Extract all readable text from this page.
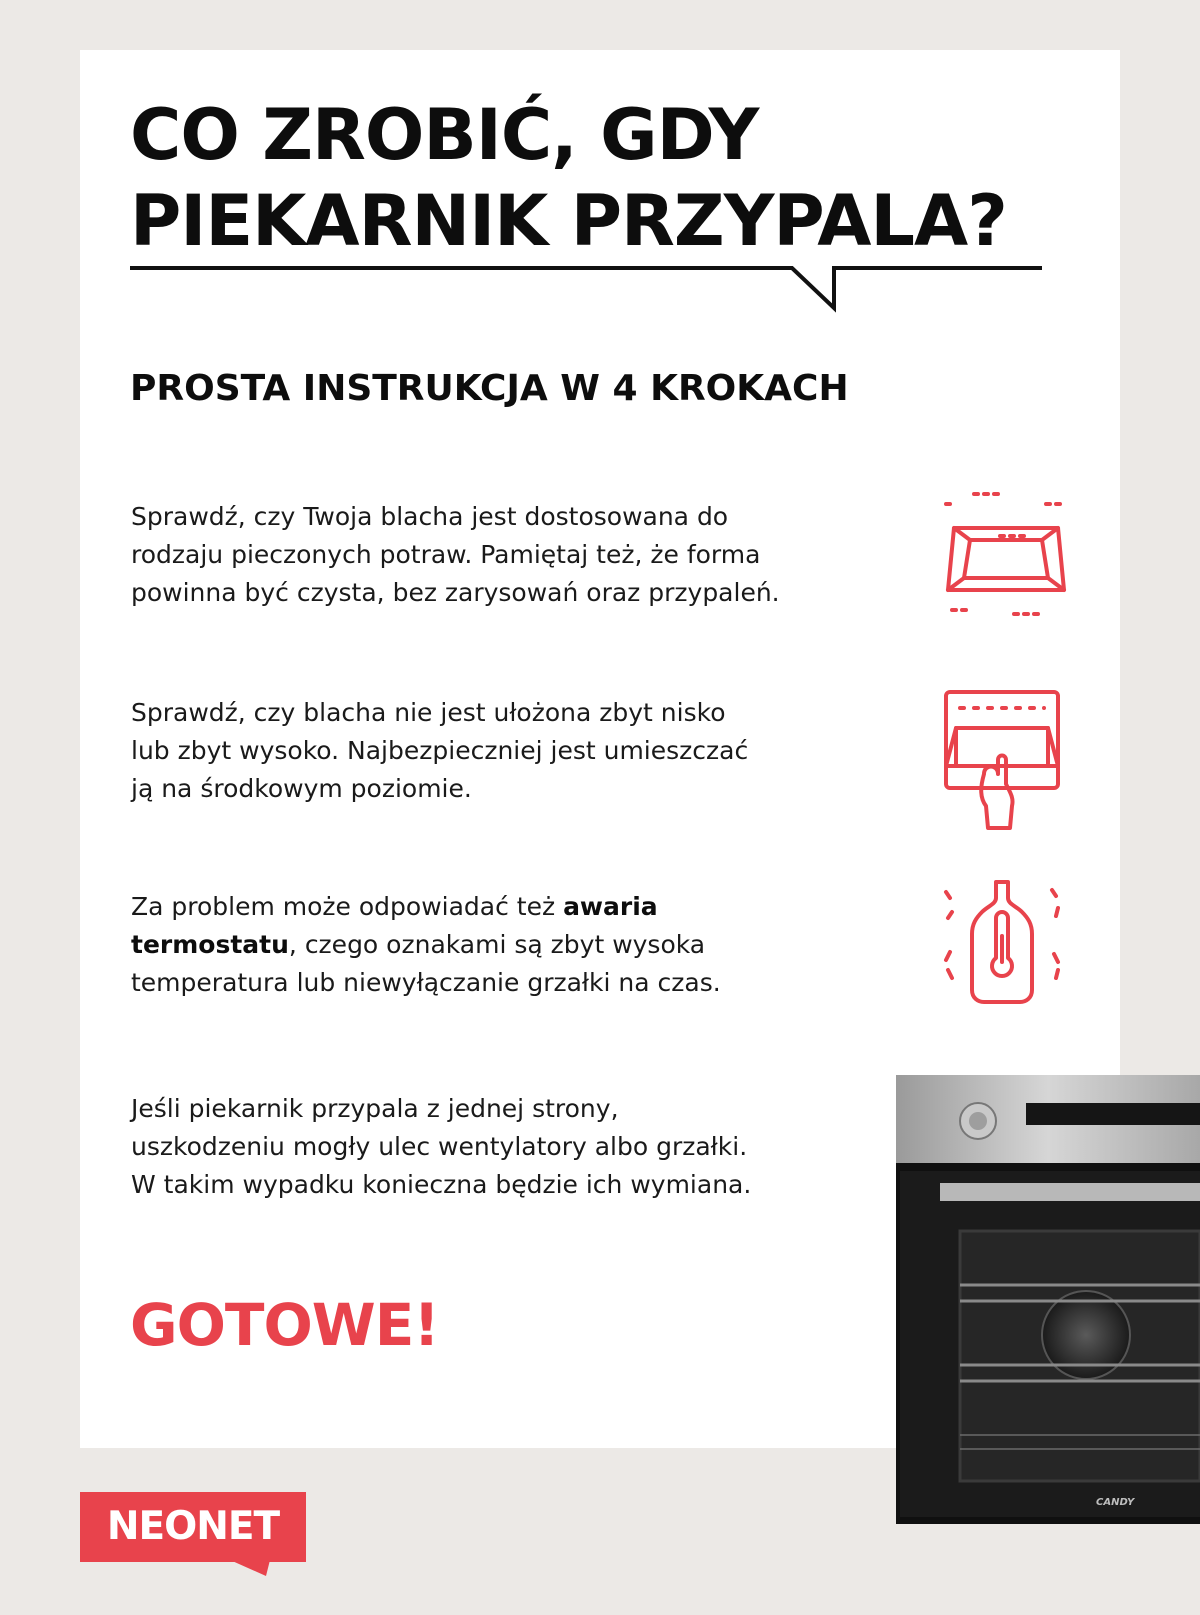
CO ZROBIĆ, GDY
PIEKARNIK PRZYPALA?
PROSTA INSTRUKCJA W 4 KROKACH

Sprawdź, czy Twoja blacha jest dostosowana do
rodzaju pieczonych potraw. Pamiętaj też, że forma
powinna być czysta, bez zarysowań oraz przypaleń.

Sprawdź, czy blacha nie jest ułożona zbyt nisko
lub zbyt wysoko. Najbezpieczniej jest umieszczać
ją na środkowym poziomie.

Za problem może odpowiadać też awaria
termostatu, czego oznakami są zbyt wysoka
temperatura lub niewyłączanie grzałki na czas.

Jeśli piekarnik przypala z jednej strony,
uszkodzeniu mogły ulec wentylatory albo grzałki.
W takim wypadku konieczna będzie ich wymiana.

GOTOWE!
CANDY
NEONET
